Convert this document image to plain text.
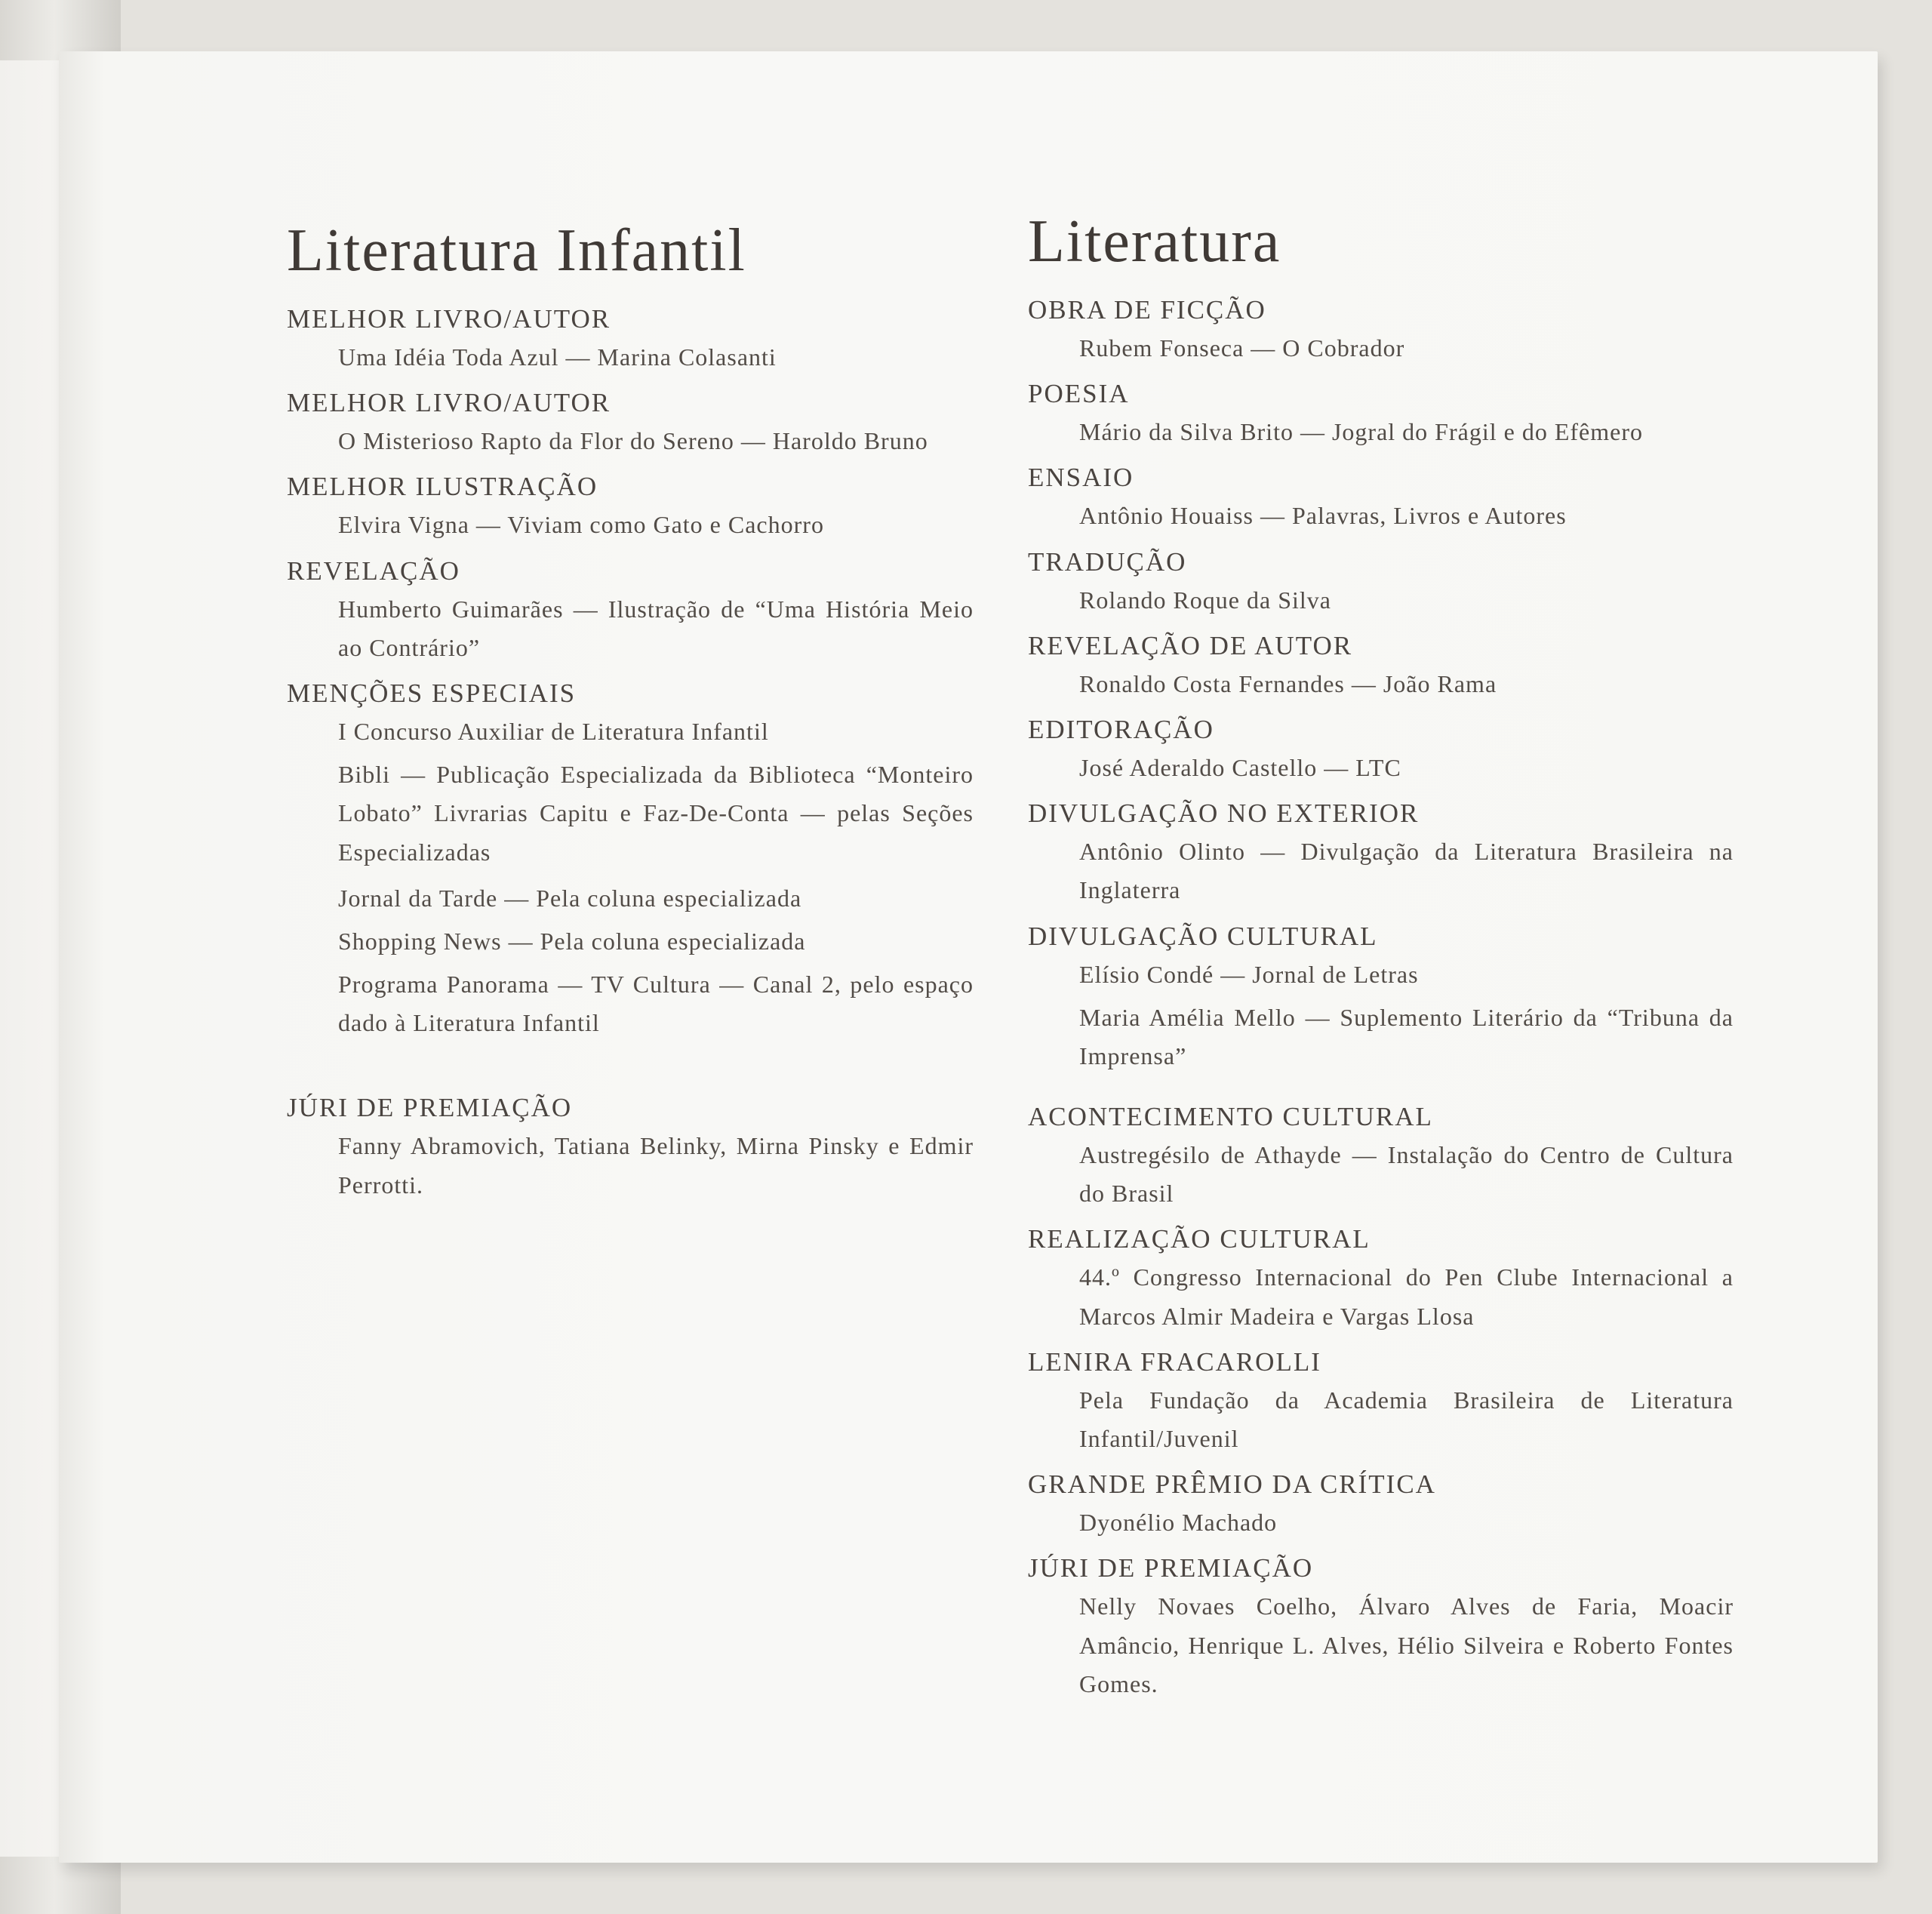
Literatura Infantil
MELHOR LIVRO/AUTOR
Uma Idéia Toda Azul — Marina Colasanti
MELHOR LIVRO/AUTOR
O Misterioso Rapto da Flor do Sereno — Haroldo Bruno
MELHOR ILUSTRAÇÃO
Elvira Vigna — Viviam como Gato e Cachorro
REVELAÇÃO
Humberto Guimarães — Ilustração de “Uma História Meio ao Contrário”
MENÇÕES ESPECIAIS
I Concurso Auxiliar de Literatura Infantil
Bibli — Publicação Especializada da Biblioteca “Monteiro Lobato” Livrarias Capitu e Faz-De-Conta — pelas Seções Especializadas
Jornal da Tarde — Pela coluna especializada
Shopping News — Pela coluna especializada
Programa Panorama — TV Cultura — Canal 2, pelo espaço dado à Literatura Infantil
JÚRI DE PREMIAÇÃO
Fanny Abramovich, Tatiana Belinky, Mirna Pinsky e Edmir Perrotti.
Literatura
OBRA DE FICÇÃO
Rubem Fonseca — O Cobrador
POESIA
Mário da Silva Brito — Jogral do Frágil e do Efêmero
ENSAIO
Antônio Houaiss — Palavras, Livros e Autores
TRADUÇÃO
Rolando Roque da Silva
REVELAÇÃO DE AUTOR
Ronaldo Costa Fernandes — João Rama
EDITORAÇÃO
José Aderaldo Castello — LTC
DIVULGAÇÃO NO EXTERIOR
Antônio Olinto — Divulgação da Literatura Brasileira na Inglaterra
DIVULGAÇÃO CULTURAL
Elísio Condé — Jornal de Letras
Maria Amélia Mello — Suplemento Literário da “Tribuna da Imprensa”
ACONTECIMENTO CULTURAL
Austregésilo de Athayde — Instalação do Centro de Cultura do Brasil
REALIZAÇÃO CULTURAL
44.º Congresso Internacional do Pen Clube Internacional a Marcos Almir Madeira e Vargas Llosa
LENIRA FRACAROLLI
Pela Fundação da Academia Brasileira de Literatura Infantil/Juvenil
GRANDE PRÊMIO DA CRÍTICA
Dyonélio Machado
JÚRI DE PREMIAÇÃO
Nelly Novaes Coelho, Álvaro Alves de Faria, Moacir Amâncio, Henrique L. Alves, Hélio Silveira e Roberto Fontes Gomes.
